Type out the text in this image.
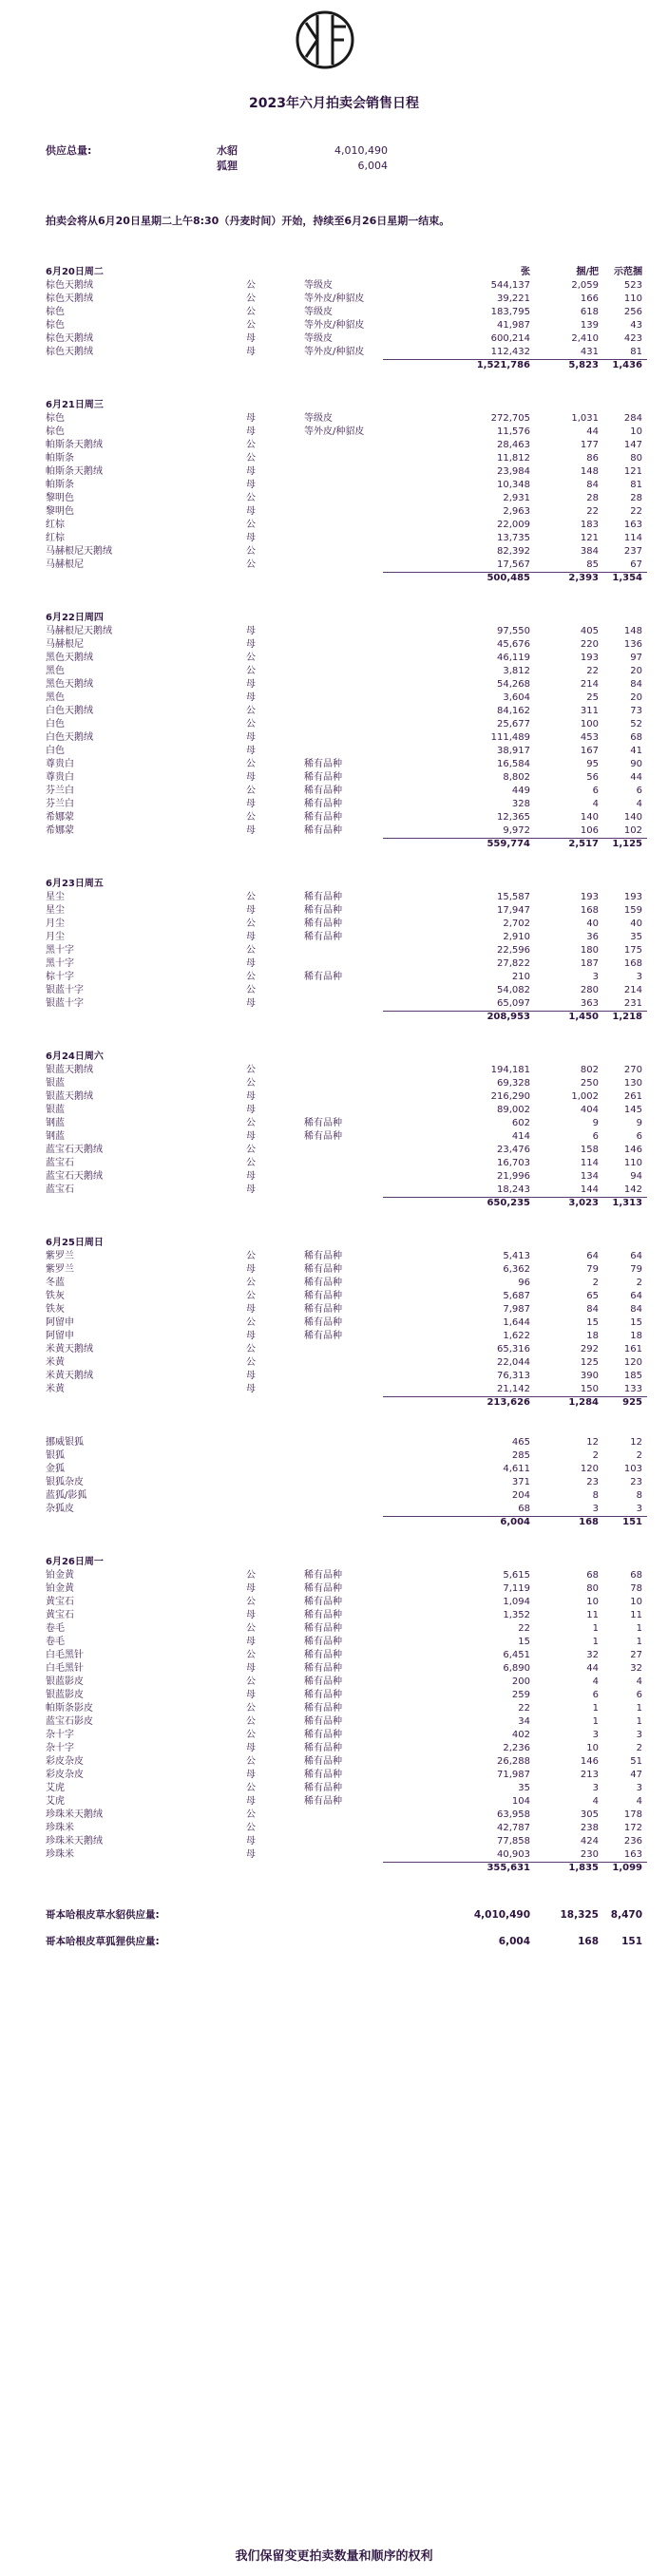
2023年六月拍卖会销售日程
供应总量:	水貂	4,010,490
狐狸	6,004
拍卖会将从6月20日星期二上午8:30（丹麦时间）开始，持续至6月26日星期一结束。
6月20日周二	张	捆/把	示范捆
棕色天鹅绒	公	等级皮	544,137	2,059	523
棕色天鹅绒	公	等外皮/种貂皮	39,221	166	110
棕色	公	等级皮	183,795	618	256
棕色	公	等外皮/种貂皮	41,987	139	43
棕色天鹅绒	母	等级皮	600,214	2,410	423
棕色天鹅绒	母	等外皮/种貂皮	112,432	431	81
1,521,786	5,823	1,436
6月21日周三
棕色	母	等级皮	272,705	1,031	284
棕色	母	等外皮/种貂皮	11,576	44	10
帕斯条天鹅绒	公	28,463	177	147
帕斯条	公	11,812	86	80
帕斯条天鹅绒	母	23,984	148	121
帕斯条	母	10,348	84	81
黎明色	公	2,931	28	28
黎明色	母	2,963	22	22
红棕	公	22,009	183	163
红棕	母	13,735	121	114
马赫根尼天鹅绒	公	82,392	384	237
马赫根尼	公	17,567	85	67
500,485	2,393	1,354
6月22日周四
马赫根尼天鹅绒	母	97,550	405	148
马赫根尼	母	45,676	220	136
黑色天鹅绒	公	46,119	193	97
黑色	公	3,812	22	20
黑色天鹅绒	母	54,268	214	84
黑色	母	3,604	25	20
白色天鹅绒	公	84,162	311	73
白色	公	25,677	100	52
白色天鹅绒	母	111,489	453	68
白色	母	38,917	167	41
尊贵白	公	稀有品种	16,584	95	90
尊贵白	母	稀有品种	8,802	56	44
芬兰白	公	稀有品种	449	6	6
芬兰白	母	稀有品种	328	4	4
希娜蒙	公	稀有品种	12,365	140	140
希娜蒙	母	稀有品种	9,972	106	102
559,774	2,517	1,125
6月23日周五
星尘	公	稀有品种	15,587	193	193
星尘	母	稀有品种	17,947	168	159
月尘	公	稀有品种	2,702	40	40
月尘	母	稀有品种	2,910	36	35
黑十字	公	22,596	180	175
黑十字	母	27,822	187	168
棕十字	公	稀有品种	210	3	3
银蓝十字	公	54,082	280	214
银蓝十字	母	65,097	363	231
208,953	1,450	1,218
6月24日周六
银蓝天鹅绒	公	194,181	802	270
银蓝	公	69,328	250	130
银蓝天鹅绒	母	216,290	1,002	261
银蓝	母	89,002	404	145
钢蓝	公	稀有品种	602	9	9
钢蓝	母	稀有品种	414	6	6
蓝宝石天鹅绒	公	23,476	158	146
蓝宝石	公	16,703	114	110
蓝宝石天鹅绒	母	21,996	134	94
蓝宝石	母	18,243	144	142
650,235	3,023	1,313
6月25日周日
紫罗兰	公	稀有品种	5,413	64	64
紫罗兰	母	稀有品种	6,362	79	79
冬蓝	公	稀有品种	96	2	2
铁灰	公	稀有品种	5,687	65	64
铁灰	母	稀有品种	7,987	84	84
阿留申	公	稀有品种	1,644	15	15
阿留申	母	稀有品种	1,622	18	18
米黄天鹅绒	公	65,316	292	161
米黄	公	22,044	125	120
米黄天鹅绒	母	76,313	390	185
米黄	母	21,142	150	133
213,626	1,284	925
挪威银狐	465	12	12
银狐	285	2	2
金狐	4,611	120	103
银狐杂皮	371	23	23
蓝狐/影狐	204	8	8
杂狐皮	68	3	3
6,004	168	151
6月26日周一
铂金黄	公	稀有品种	5,615	68	68
铂金黄	母	稀有品种	7,119	80	78
黄宝石	公	稀有品种	1,094	10	10
黄宝石	母	稀有品种	1,352	11	11
卷毛	公	稀有品种	22	1	1
卷毛	母	稀有品种	15	1	1
白毛黑针	公	稀有品种	6,451	32	27
白毛黑针	母	稀有品种	6,890	44	32
银蓝影皮	公	稀有品种	200	4	4
银蓝影皮	母	稀有品种	259	6	6
帕斯条影皮	公	稀有品种	22	1	1
蓝宝石影皮	公	稀有品种	34	1	1
杂十字	公	稀有品种	402	3	3
杂十字	母	稀有品种	2,236	10	2
彩皮杂皮	公	稀有品种	26,288	146	51
彩皮杂皮	母	稀有品种	71,987	213	47
艾虎	公	稀有品种	35	3	3
艾虎	母	稀有品种	104	4	4
珍珠米天鹅绒	公	63,958	305	178
珍珠米	公	42,787	238	172
珍珠米天鹅绒	母	77,858	424	236
珍珠米	母	40,903	230	163
355,631	1,835	1,099
哥本哈根皮草水貂供应量:	4,010,490	18,325	8,470
哥本哈根皮草狐狸供应量:	6,004	168	151
我们保留变更拍卖数量和顺序的权利
